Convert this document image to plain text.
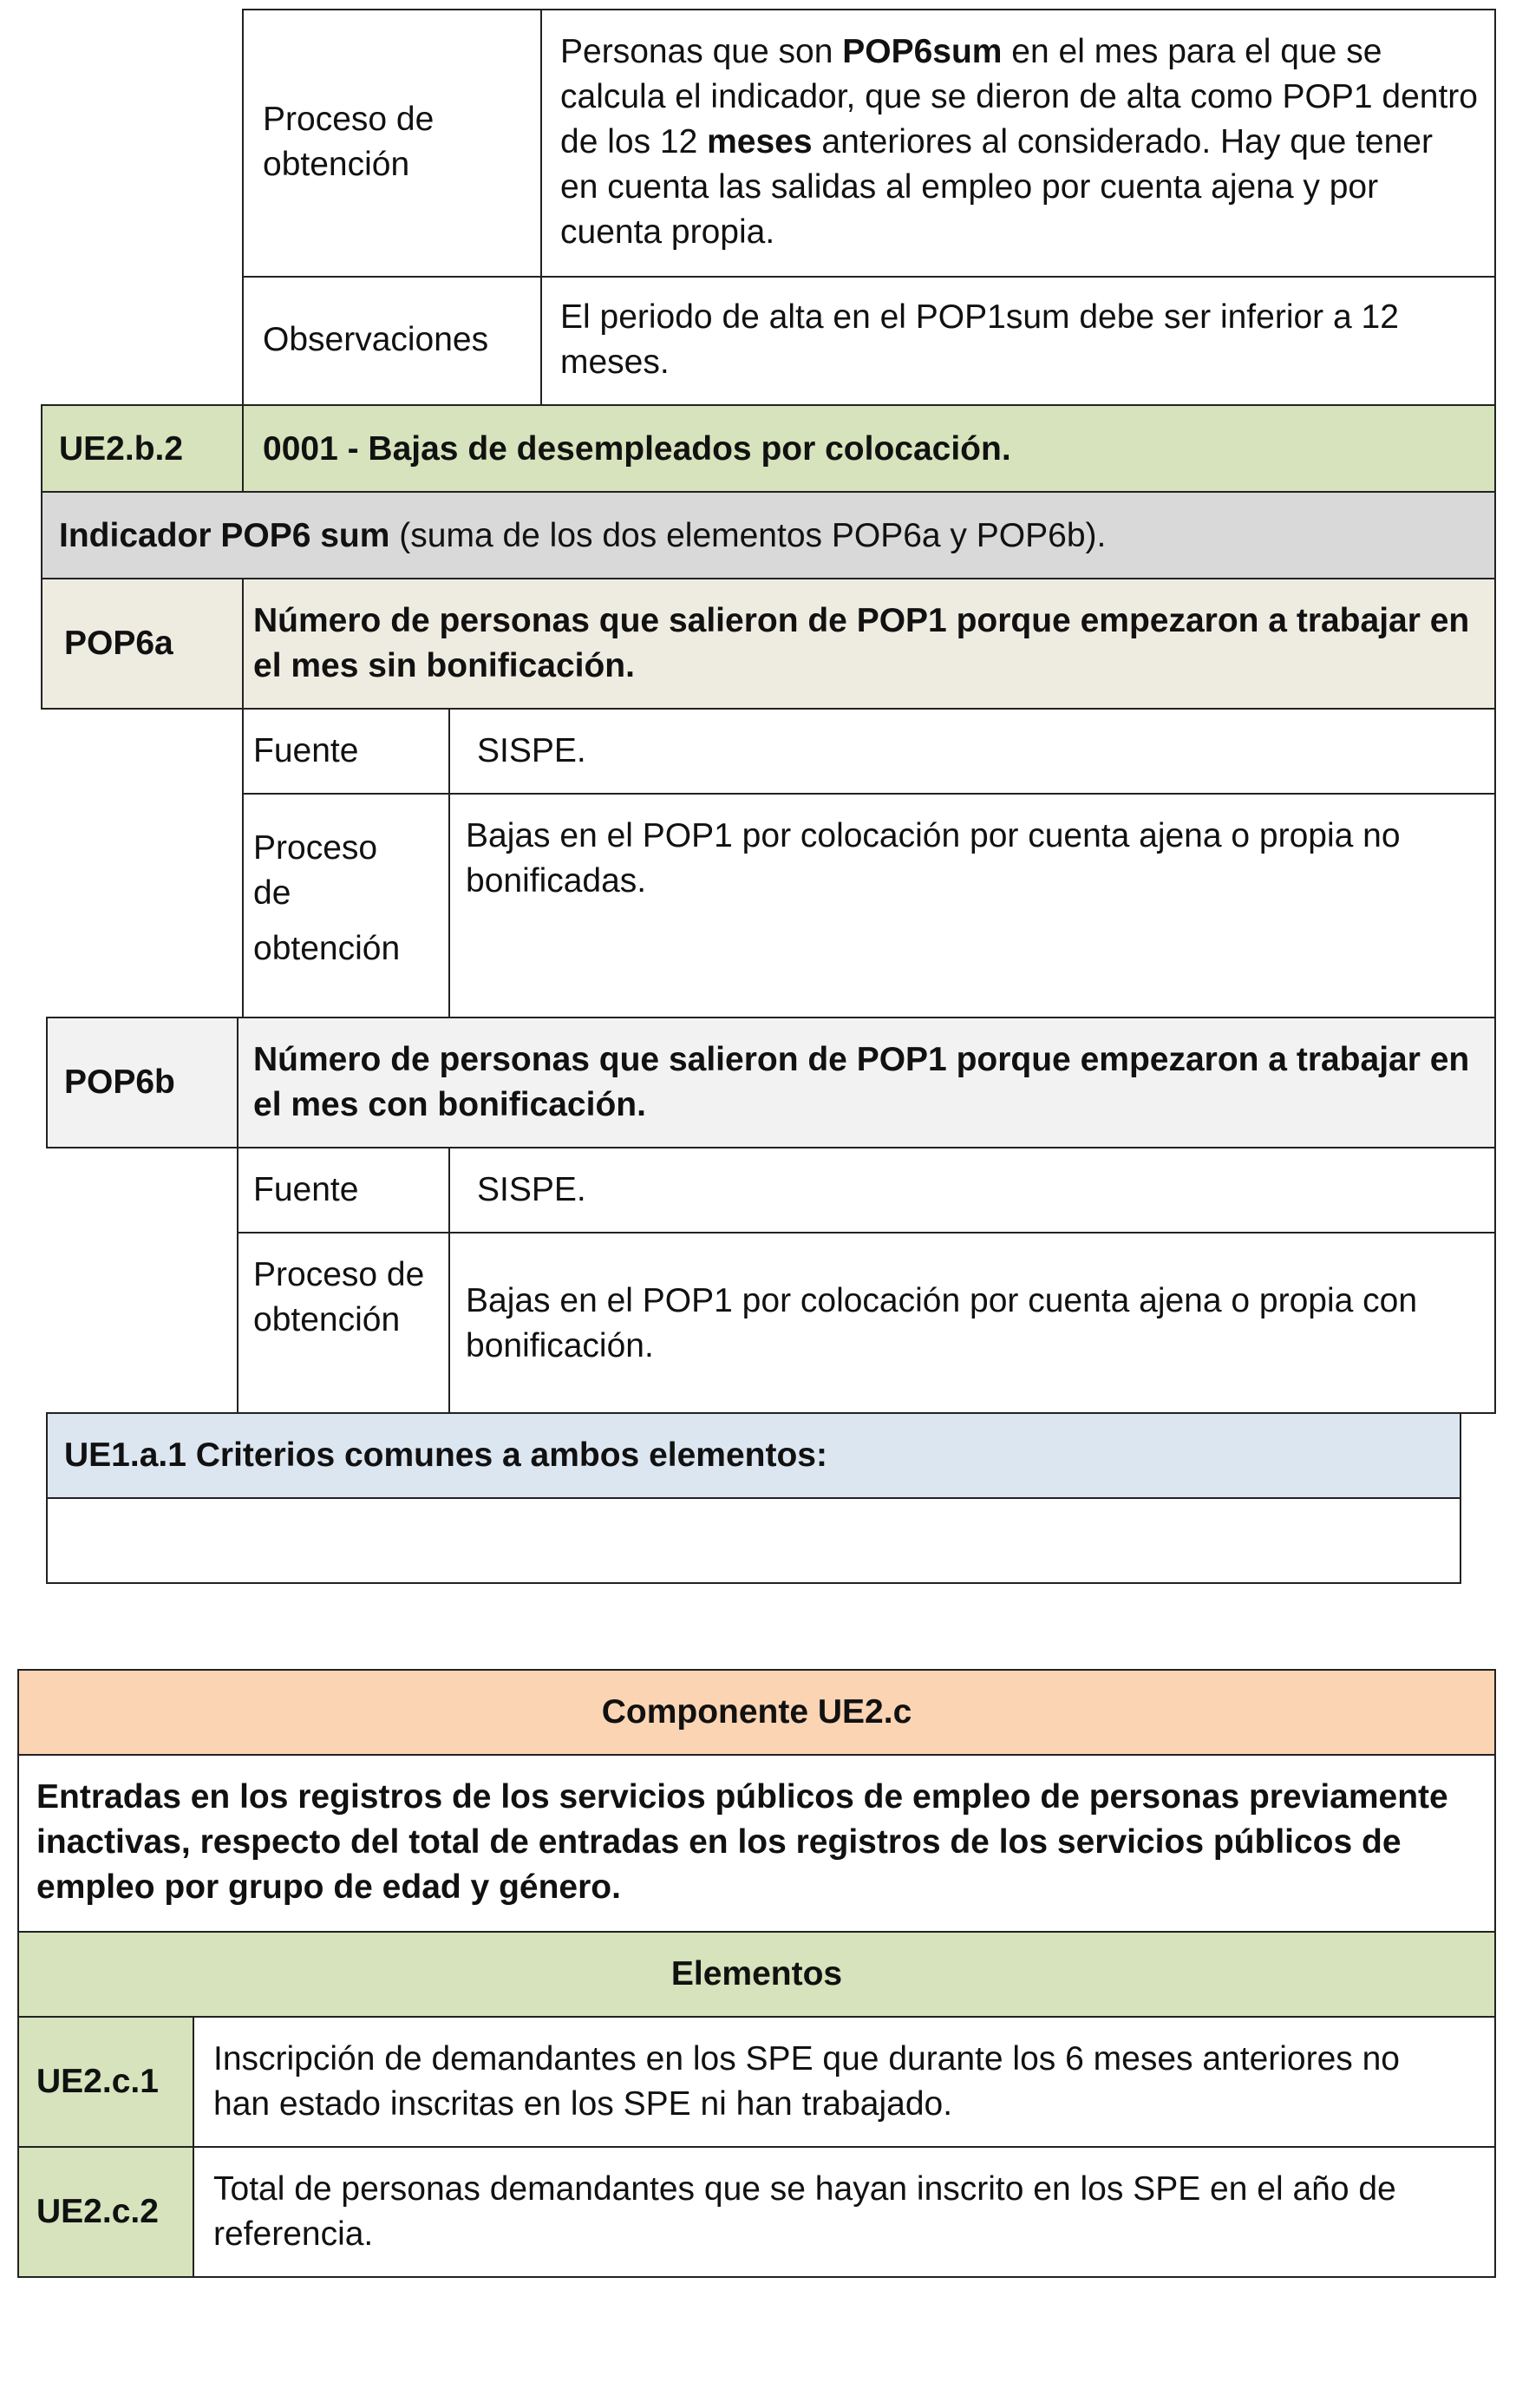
Proceso de obtención
Personas que son POP6sum en el mes para el que se calcula el indicador, que se dieron de alta como POP1 dentro de los 12 meses anteriores al considerado. Hay que tener en cuenta las salidas al empleo por cuenta ajena y por cuenta propia.
Observaciones
El periodo de alta en el POP1sum debe ser inferior a 12 meses.
UE2.b.2 0001 - Bajas de desempleados por colocación.
Indicador POP6 sum (suma de los dos elementos POP6a y POP6b).
POP6a
Número de personas que salieron de POP1 porque empezaron a trabajar en el mes sin bonificación.
Fuente	SISPE.
Proceso
de
obtención
Bajas en el POP1 por colocación por cuenta ajena o propia no bonificadas.
POP6b
Número de personas que salieron de POP1 porque empezaron a trabajar en el mes con bonificación.
Fuente	SISPE.
Proceso de obtención
Bajas en el POP1 por colocación por cuenta ajena o propia con bonificación.
UE1.a.1 Criterios comunes a ambos elementos:
Componente UE2.c
Entradas en los registros de los servicios públicos de empleo de personas previamente inactivas, respecto del total de entradas en los registros de los servicios públicos de empleo por grupo de edad y género.
Elementos
UE2.c.1
Inscripción de demandantes en los SPE que durante los 6 meses anteriores no han estado inscritas en los SPE ni han trabajado.
UE2.c.2
Total de personas demandantes que se hayan inscrito en los SPE en el año de referencia.
